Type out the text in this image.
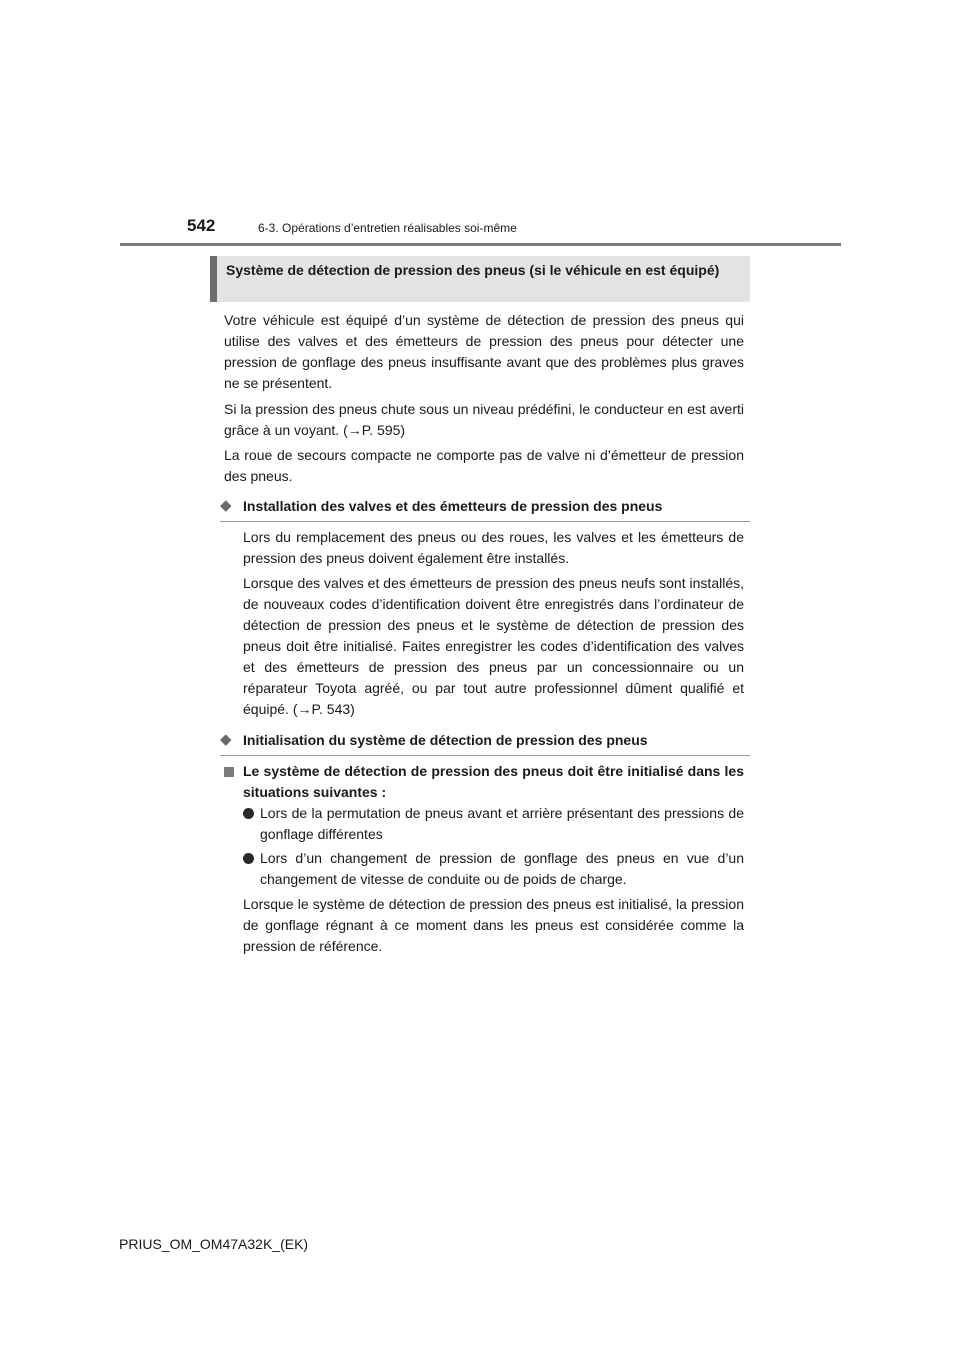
542	6-3. Opérations d’entretien réalisables soi-même
Système de détection de pression des pneus (si le véhicule en est équipé)

Votre véhicule est équipé d’un système de détection de pression des pneus qui utilise des valves et des émetteurs de pression des pneus pour détecter une pression de gonflage des pneus insuffisante avant que des problèmes plus graves ne se présentent.

Si la pression des pneus chute sous un niveau prédéfini, le conducteur en est averti grâce à un voyant. (→P. 595)

La roue de secours compacte ne comporte pas de valve ni d’émetteur de pression des pneus.

◆ Installation des valves et des émetteurs de pression des pneus

Lors du remplacement des pneus ou des roues, les valves et les émetteurs de pression des pneus doivent également être installés.

Lorsque des valves et des émetteurs de pression des pneus neufs sont installés, de nouveaux codes d’identification doivent être enregistrés dans l’ordinateur de détection de pression des pneus et le système de détection de pression des pneus doit être initialisé. Faites enregistrer les codes d’identification des valves et des émetteurs de pression des pneus par un concessionnaire ou un réparateur Toyota agréé, ou par tout autre professionnel dûment qualifié et équipé. (→P. 543)

◆ Initialisation du système de détection de pression des pneus

Le système de détection de pression des pneus doit être initialisé dans les situations suivantes :

Lors de la permutation de pneus avant et arrière présentant des pressions de gonflage différentes

Lors d’un changement de pression de gonflage des pneus en vue d’un changement de vitesse de conduite ou de poids de charge.

Lorsque le système de détection de pression des pneus est initialisé, la pression de gonflage régnant à ce moment dans les pneus est considérée comme la pression de référence.

PRIUS_OM_OM47A32K_(EK)
